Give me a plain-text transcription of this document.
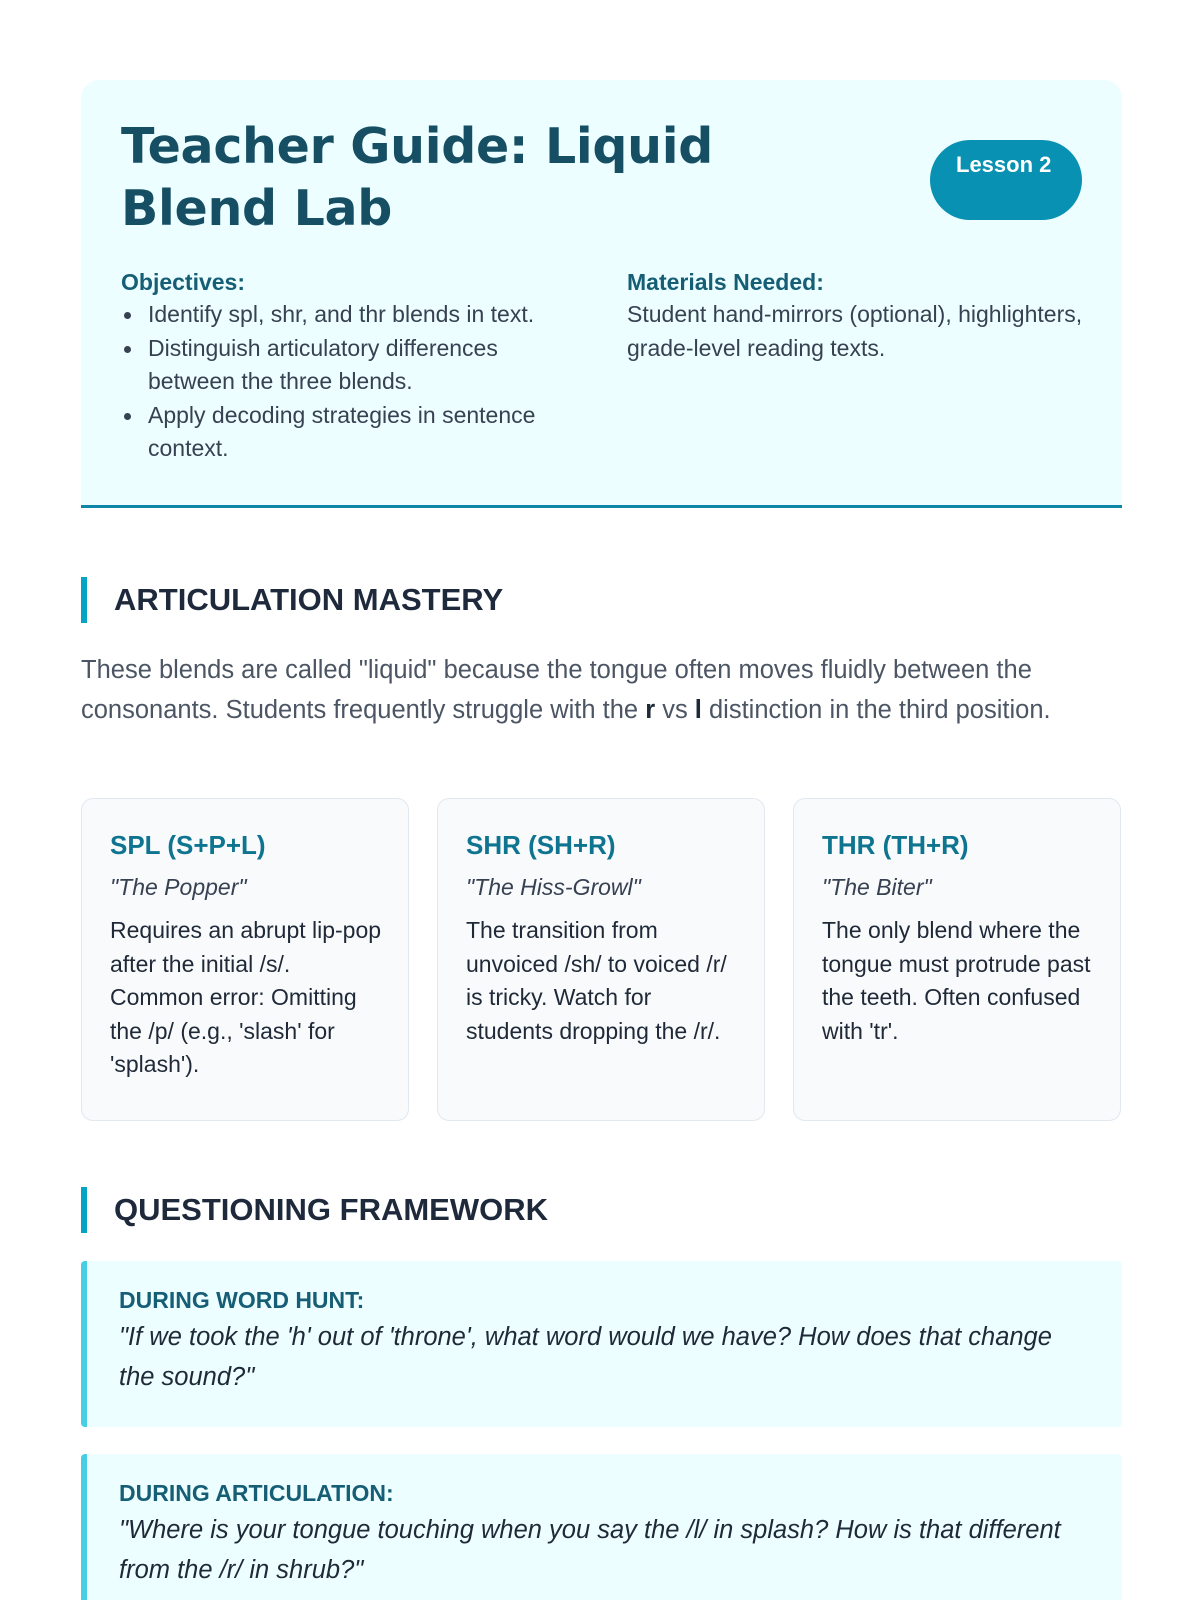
Teacher Guide: Liquid Blend Lab
Lesson 2

Objectives:

Identify spl, shr, and thr blends in text.
Distinguish articulatory differences between the three blends.
Apply decoding strategies in sentence context.

Materials Needed:

Student hand-mirrors (optional), highlighters, grade-level reading texts.

ARTICULATION MASTERY

These blends are called "liquid" because the tongue often moves fluidly between the consonants. Students frequently struggle with the r vs l distinction in the third position.

SPL (S+P+L)

"The Popper"

Requires an abrupt lip-pop after the initial /s/. Common error: Omitting the /p/ (e.g., 'slash' for 'splash').

SHR (SH+R)

"The Hiss-Growl"

The transition from unvoiced /sh/ to voiced /r/ is tricky. Watch for students dropping the /r/.

THR (TH+R)

"The Biter"

The only blend where the tongue must protrude past the teeth. Often confused with 'tr'.

QUESTIONING FRAMEWORK

DURING WORD HUNT:

"If we took the 'h' out of 'throne', what word would we have? How does that change the sound?"

DURING ARTICULATION:

"Where is your tongue touching when you say the /l/ in splash? How is that different from the /r/ in shrub?"
